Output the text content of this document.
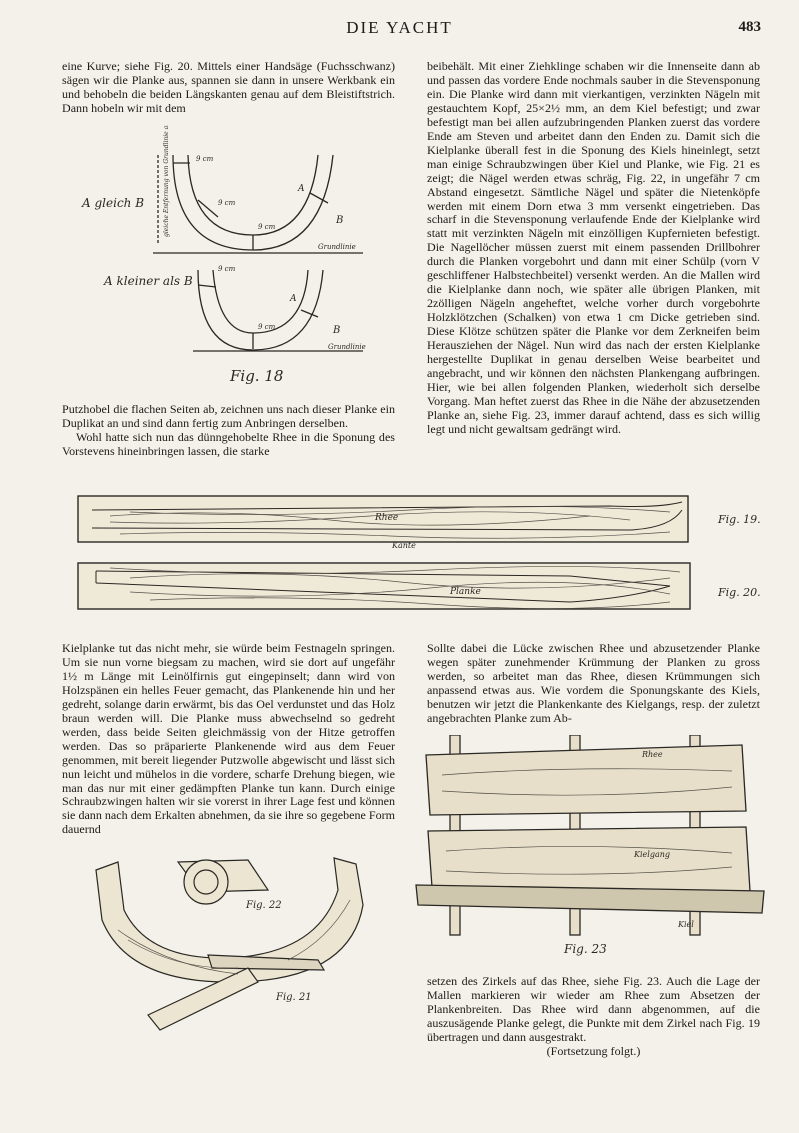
DIE YACHT	483

eine Kurve; siehe Fig. 20. Mittels einer Handsäge (Fuchsschwanz) sägen wir die Planke aus, spannen sie dann in unsere Werkbank ein und behobeln die beiden Längskanten genau auf dem Bleistiftstrich. Dann hobeln wir mit dem

A gleich B
A kleiner als B
9 cm
9 cm
9 cm
9 cm
9 cm
A
B
A
B
Grundlinie
Grundlinie
gleiche Entfernung von Grundlinie aus abgesetzt
Fig. 18

Putzhobel die flachen Seiten ab, zeichnen uns nach dieser Planke ein Duplikat an und sind dann fertig zum Anbringen derselben.

Wohl hatte sich nun das dünngehobelte Rhee in die Sponung des Vorstevens hineinbringen lassen, die starke

beibehält. Mit einer Ziehklinge schaben wir die Innenseite dann ab und passen das vordere Ende nochmals sauber in die Stevensponung ein. Die Planke wird dann mit vierkantigen, verzinkten Nägeln mit gestauchtem Kopf, 25×2½ mm, an dem Kiel befestigt; und zwar befestigt man bei allen aufzubringenden Planken zuerst das vordere Ende am Steven und arbeitet dann den Enden zu. Damit sich die Kielplanke überall fest in die Sponung des Kiels hineinlegt, setzt man einige Schraubzwingen über Kiel und Planke, wie Fig. 21 es zeigt; die Nägel werden etwas schräg, Fig. 22, in ungefähr 7 cm Abstand eingesetzt. Sämtliche Nägel und später die Nietenköpfe werden mit einem Dorn etwa 3 mm versenkt eingetrieben. Das scharf in die Stevensponung verlaufende Ende der Kielplanke wird statt mit verzinkten Nägeln mit einzölligen Kupfernieten befestigt. Die Nagellöcher müssen zuerst mit einem passenden Drillbohrer durch die Planken vorgebohrt und dann mit einer Schülp (vorn V geschliffener Halbstechbeitel) versenkt werden. An die Mallen wird die Kielplanke dann noch, wie später alle übrigen Planken, mit 2zölligen Nägeln angeheftet, welche vorher durch vorgebohrte Holzklötzchen (Schalken) von etwa 1 cm Dicke getrieben sind. Diese Klötze schützen später die Planke vor dem Zerkneifen beim Herausziehen der Nägel. Nun wird das nach der ersten Kielplanke hergestellte Duplikat in genau derselben Weise bearbeitet und angebracht, und wir können den nächsten Plankengang aufbringen. Hier, wie bei allen folgenden Planken, wiederholt sich derselbe Vorgang. Man heftet zuerst das Rhee in die Nähe der abzusetzenden Planke an, siehe Fig. 23, immer darauf achtend, dass es sich willig legt und nicht gewaltsam gedrängt wird.

Rhee
Kante
Fig. 19.
Planke	Fig. 20.

Kielplanke tut das nicht mehr, sie würde beim Festnageln springen. Um sie nun vorne biegsam zu machen, wird sie dort auf ungefähr 1½ m Länge mit Leinölfirnis gut eingepinselt; dann wird von Holzspänen ein helles Feuer gemacht, das Plankenende hin und her gedreht, solange darin erwärmt, bis das Oel verdunstet und das Holz braun werden will. Die Planke muss abwechselnd so gedreht werden, dass beide Seiten gleichmässig von der Hitze getroffen werden. Das so präparierte Plankenende wird aus dem Feuer genommen, mit bereit liegender Putzwolle abgewischt und lässt sich nun leicht und mühelos in die vordere, scharfe Drehung biegen, wie man das nur mit einer gedämpften Planke tun kann. Durch einige Schraubzwingen halten wir sie vorerst in ihrer Lage fest und können sie dann nach dem Erkalten abnehmen, da sie ihre so gegebene Form dauernd

Sollte dabei die Lücke zwischen Rhee und abzusetzender Planke wegen später zunehmender Krümmung der Planken zu gross werden, so arbeitet man das Rhee, diesen Krümmungen sich anpassend etwas aus. Wie vordem die Sponungskante des Kiels, benutzen wir jetzt die Plankenkante des Kielgangs, resp. der zuletzt angebrachten Planke zum Ab-

Fig. 22
Fig. 21
Rhee
Kielgang
Kiel
Fig. 23

setzen des Zirkels auf das Rhee, siehe Fig. 23. Auch die Lage der Mallen markieren wir wieder am Rhee zum Absetzen der Plankenbreiten. Das Rhee wird dann abgenommen, auf die auszusägende Planke gelegt, die Punkte mit dem Zirkel nach Fig. 19 übertragen und dann ausgestrakt.

(Fortsetzung folgt.)
